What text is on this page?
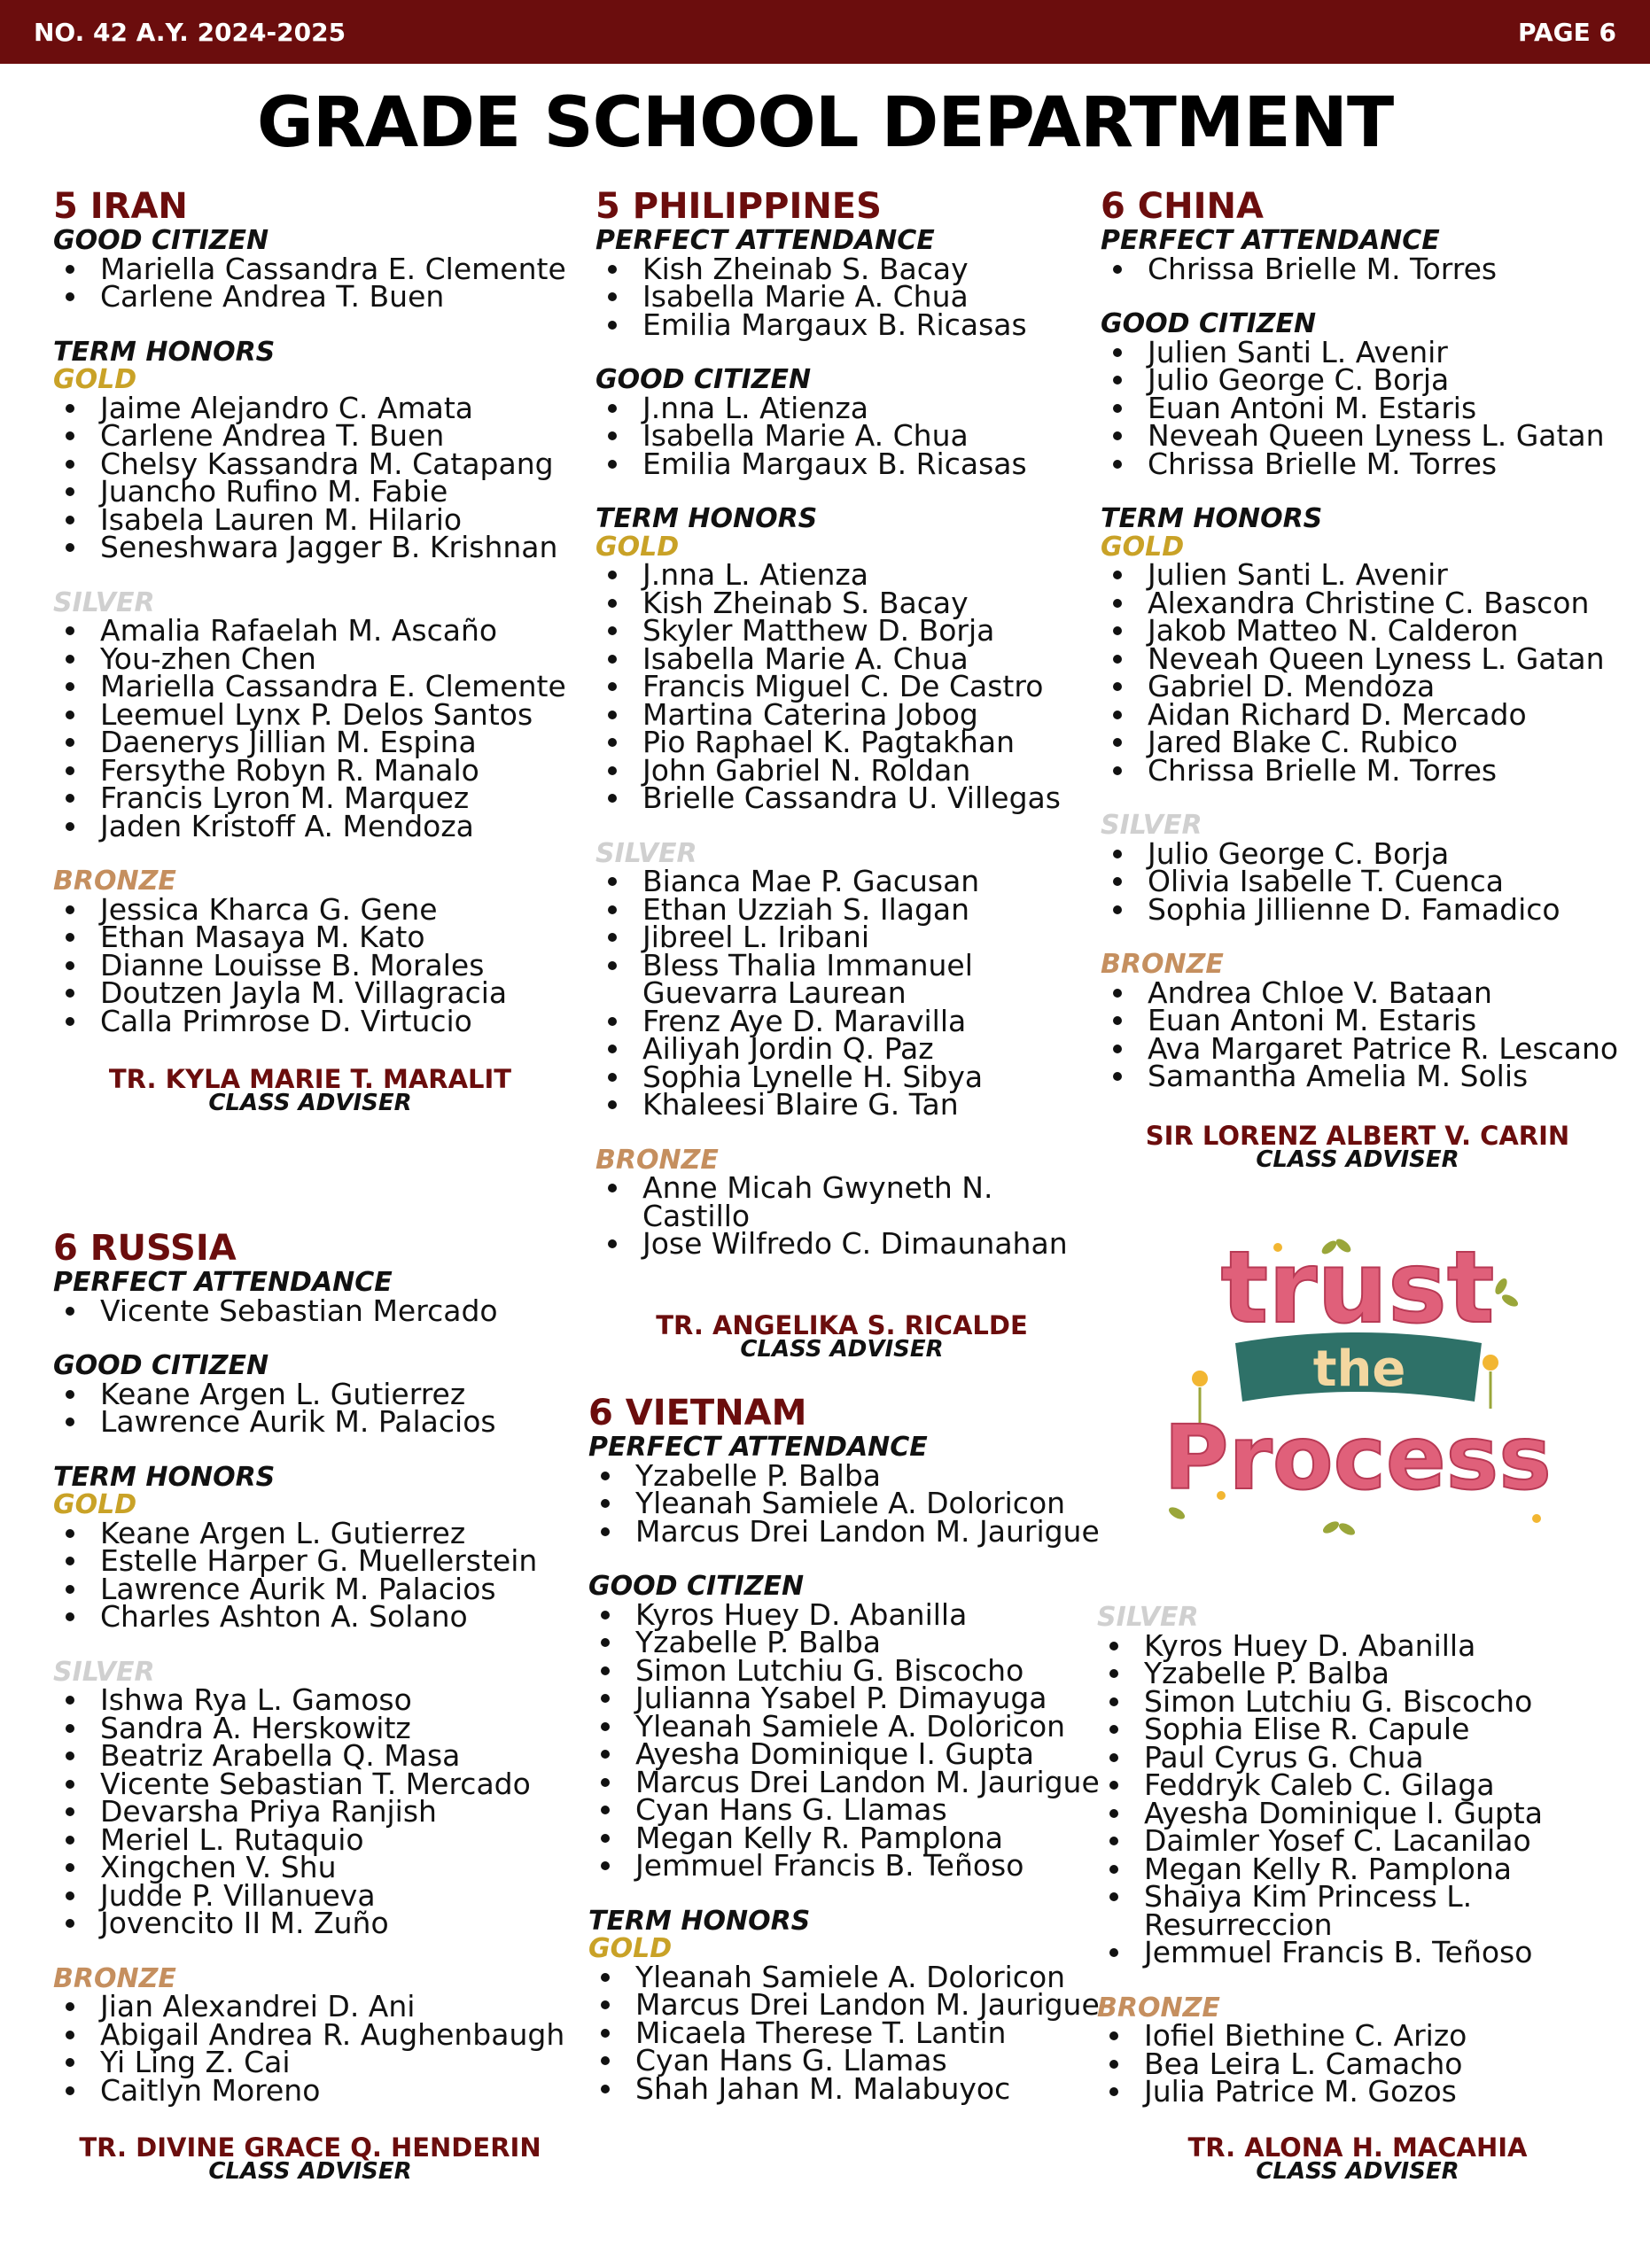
NO. 42 A.Y. 2024-2025	PAGE 6
GRADE SCHOOL DEPARTMENT
5 IRAN
GOOD CITIZEN
Mariella Cassandra E. Clemente
Carlene Andrea T. Buen
TERM HONORS
GOLD
Jaime Alejandro C. Amata
Carlene Andrea T. Buen
Chelsy Kassandra M. Catapang
Juancho Rufino M. Fabie
Isabela Lauren M. Hilario
Seneshwara Jagger B. Krishnan
SILVER
Amalia Rafaelah M. Ascaño
You-zhen Chen
Mariella Cassandra E. Clemente
Leemuel Lynx P. Delos Santos
Daenerys Jillian M. Espina
Fersythe Robyn R. Manalo
Francis Lyron M. Marquez
Jaden Kristoff A. Mendoza
BRONZE
Jessica Kharca G. Gene
Ethan Masaya M. Kato
Dianne Louisse B. Morales
Doutzen Jayla M. Villagracia
Calla Primrose D. Virtucio
TR. KYLA MARIE T. MARALIT
CLASS ADVISER
6 RUSSIA
PERFECT ATTENDANCE
Vicente Sebastian Mercado
GOOD CITIZEN
Keane Argen L. Gutierrez
Lawrence Aurik M. Palacios
TERM HONORS
GOLD
Keane Argen L. Gutierrez
Estelle Harper G. Muellerstein
Lawrence Aurik M. Palacios
Charles Ashton A. Solano
SILVER
Ishwa Rya L. Gamoso
Sandra A. Herskowitz
Beatriz Arabella Q. Masa
Vicente Sebastian T. Mercado
Devarsha Priya Ranjish
Meriel L. Rutaquio
Xingchen V. Shu
Judde P. Villanueva
Jovencito II M. Zuño
BRONZE
Jian Alexandrei D. Ani
Abigail Andrea R. Aughenbaugh
Yi Ling Z. Cai
Caitlyn Moreno
TR. DIVINE GRACE Q. HENDERIN
CLASS ADVISER
5 PHILIPPINES
PERFECT ATTENDANCE
Kish Zheinab S. Bacay
Isabella Marie A. Chua
Emilia Margaux B. Ricasas
GOOD CITIZEN
J.nna L. Atienza
Isabella Marie A. Chua
Emilia Margaux B. Ricasas
TERM HONORS
GOLD
J.nna L. Atienza
Kish Zheinab S. Bacay
Skyler Matthew D. Borja
Isabella Marie A. Chua
Francis Miguel C. De Castro
Martina Caterina Jobog
Pio Raphael K. Pagtakhan
John Gabriel N. Roldan
Brielle Cassandra U. Villegas
SILVER
Bianca Mae P. Gacusan
Ethan Uzziah S. Ilagan
Jibreel L. Iribani
Bless Thalia Immanuel Guevarra Laurean
Frenz Aye D. Maravilla
Ailiyah Jordin Q. Paz
Sophia Lynelle H. Sibya
Khaleesi Blaire G. Tan
BRONZE
Anne Micah Gwyneth N. Castillo
Jose Wilfredo C. Dimaunahan
TR. ANGELIKA S. RICALDE
CLASS ADVISER
6 VIETNAM
PERFECT ATTENDANCE
Yzabelle P. Balba
Yleanah Samiele A. Doloricon
Marcus Drei Landon M. Jaurigue
GOOD CITIZEN
Kyros Huey D. Abanilla
Yzabelle P. Balba
Simon Lutchiu G. Biscocho
Julianna Ysabel P. Dimayuga
Yleanah Samiele A. Doloricon
Ayesha Dominique I. Gupta
Marcus Drei Landon M. Jaurigue
Cyan Hans G. Llamas
Megan Kelly R. Pamplona
Jemmuel Francis B. Teñoso
TERM HONORS
GOLD
Yleanah Samiele A. Doloricon
Marcus Drei Landon M. Jaurigue
Micaela Therese T. Lantin
Cyan Hans G. Llamas
Shah Jahan M. Malabuyoc
6 CHINA
PERFECT ATTENDANCE
Chrissa Brielle M. Torres
GOOD CITIZEN
Julien Santi L. Avenir
Julio George C. Borja
Euan Antoni M. Estaris
Neveah Queen Lyness L. Gatan
Chrissa Brielle M. Torres
TERM HONORS
GOLD
Julien Santi L. Avenir
Alexandra Christine C. Bascon
Jakob Matteo N. Calderon
Neveah Queen Lyness L. Gatan
Gabriel D. Mendoza
Aidan Richard D. Mercado
Jared Blake C. Rubico
Chrissa Brielle M. Torres
SILVER
Julio George C. Borja
Olivia Isabelle T. Cuenca
Sophia Jillienne D. Famadico
BRONZE
Andrea Chloe V. Bataan
Euan Antoni M. Estaris
Ava Margaret Patrice R. Lescano
Samantha Amelia M. Solis
SIR LORENZ ALBERT V. CARIN
CLASS ADVISER
trust
the
Process
SILVER
Kyros Huey D. Abanilla
Yzabelle P. Balba
Simon Lutchiu G. Biscocho
Sophia Elise R. Capule
Paul Cyrus G. Chua
Feddryk Caleb C. Gilaga
Ayesha Dominique I. Gupta
Daimler Yosef C. Lacanilao
Megan Kelly R. Pamplona
Shaiya Kim Princess L. Resurreccion
Jemmuel Francis B. Teñoso
BRONZE
Iofiel Biethine C. Arizo
Bea Leira L. Camacho
Julia Patrice M. Gozos
TR. ALONA H. MACAHIA
CLASS ADVISER
